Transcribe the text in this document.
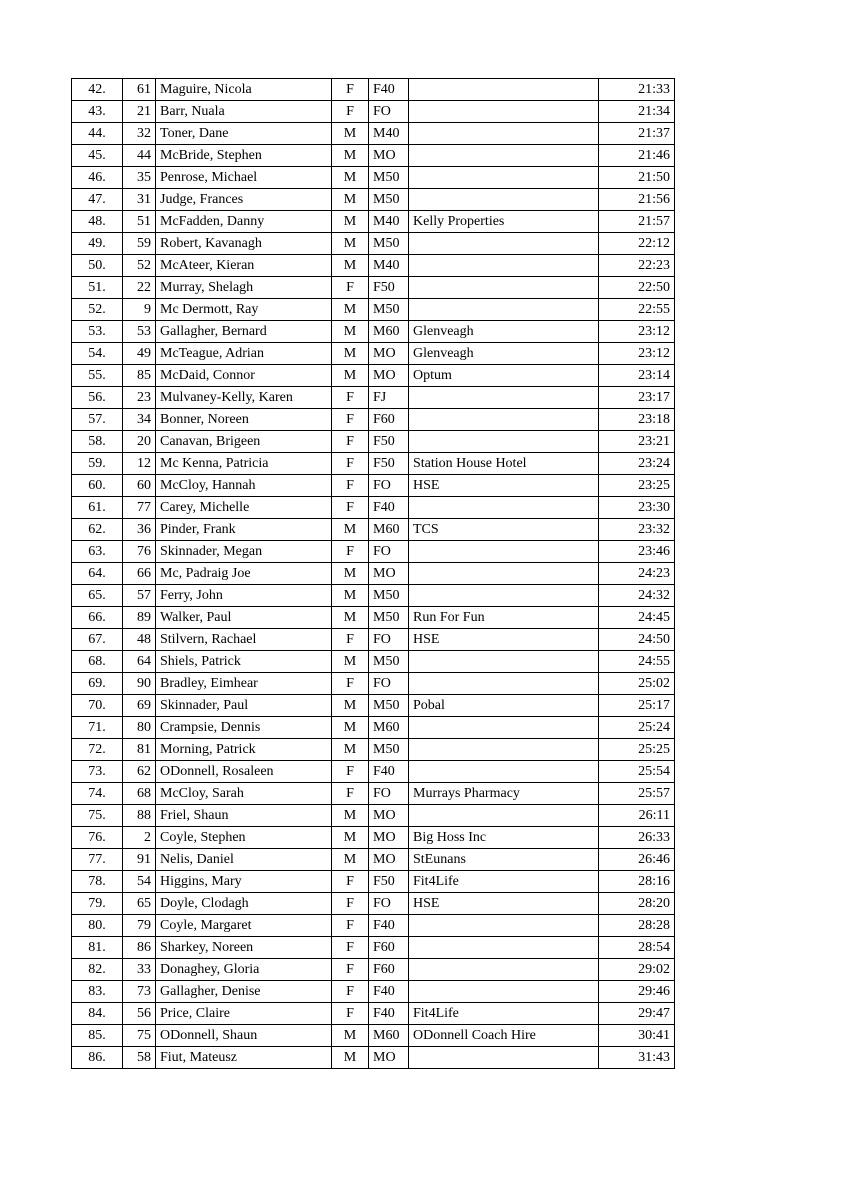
42.	61	Maguire, Nicola	F	F40		21:33
43.	21	Barr, Nuala	F	FO		21:34
44.	32	Toner, Dane	M	M40		21:37
45.	44	McBride, Stephen	M	MO		21:46
46.	35	Penrose, Michael	M	M50		21:50
47.	31	Judge, Frances	M	M50		21:56
48.	51	McFadden, Danny	M	M40	Kelly Properties	21:57
49.	59	Robert, Kavanagh	M	M50		22:12
50.	52	McAteer, Kieran	M	M40		22:23
51.	22	Murray, Shelagh	F	F50		22:50
52.	9	Mc Dermott, Ray	M	M50		22:55
53.	53	Gallagher, Bernard	M	M60	Glenveagh	23:12
54.	49	McTeague, Adrian	M	MO	Glenveagh	23:12
55.	85	McDaid, Connor	M	MO	Optum	23:14
56.	23	Mulvaney-Kelly, Karen	F	FJ		23:17
57.	34	Bonner, Noreen	F	F60		23:18
58.	20	Canavan, Brigeen	F	F50		23:21
59.	12	Mc Kenna, Patricia	F	F50	Station House Hotel	23:24
60.	60	McCloy, Hannah	F	FO	HSE	23:25
61.	77	Carey, Michelle	F	F40		23:30
62.	36	Pinder, Frank	M	M60	TCS	23:32
63.	76	Skinnader, Megan	F	FO		23:46
64.	66	Mc, Padraig Joe	M	MO		24:23
65.	57	Ferry, John	M	M50		24:32
66.	89	Walker, Paul	M	M50	Run For Fun	24:45
67.	48	Stilvern, Rachael	F	FO	HSE	24:50
68.	64	Shiels, Patrick	M	M50		24:55
69.	90	Bradley, Eimhear	F	FO		25:02
70.	69	Skinnader, Paul	M	M50	Pobal	25:17
71.	80	Crampsie, Dennis	M	M60		25:24
72.	81	Morning, Patrick	M	M50		25:25
73.	62	ODonnell, Rosaleen	F	F40		25:54
74.	68	McCloy, Sarah	F	FO	Murrays Pharmacy	25:57
75.	88	Friel, Shaun	M	MO		26:11
76.	2	Coyle, Stephen	M	MO	Big Hoss Inc	26:33
77.	91	Nelis, Daniel	M	MO	StEunans	26:46
78.	54	Higgins, Mary	F	F50	Fit4Life	28:16
79.	65	Doyle, Clodagh	F	FO	HSE	28:20
80.	79	Coyle, Margaret	F	F40		28:28
81.	86	Sharkey, Noreen	F	F60		28:54
82.	33	Donaghey, Gloria	F	F60		29:02
83.	73	Gallagher, Denise	F	F40		29:46
84.	56	Price, Claire	F	F40	Fit4Life	29:47
85.	75	ODonnell, Shaun	M	M60	ODonnell Coach Hire	30:41
86.	58	Fiut, Mateusz	M	MO		31:43
